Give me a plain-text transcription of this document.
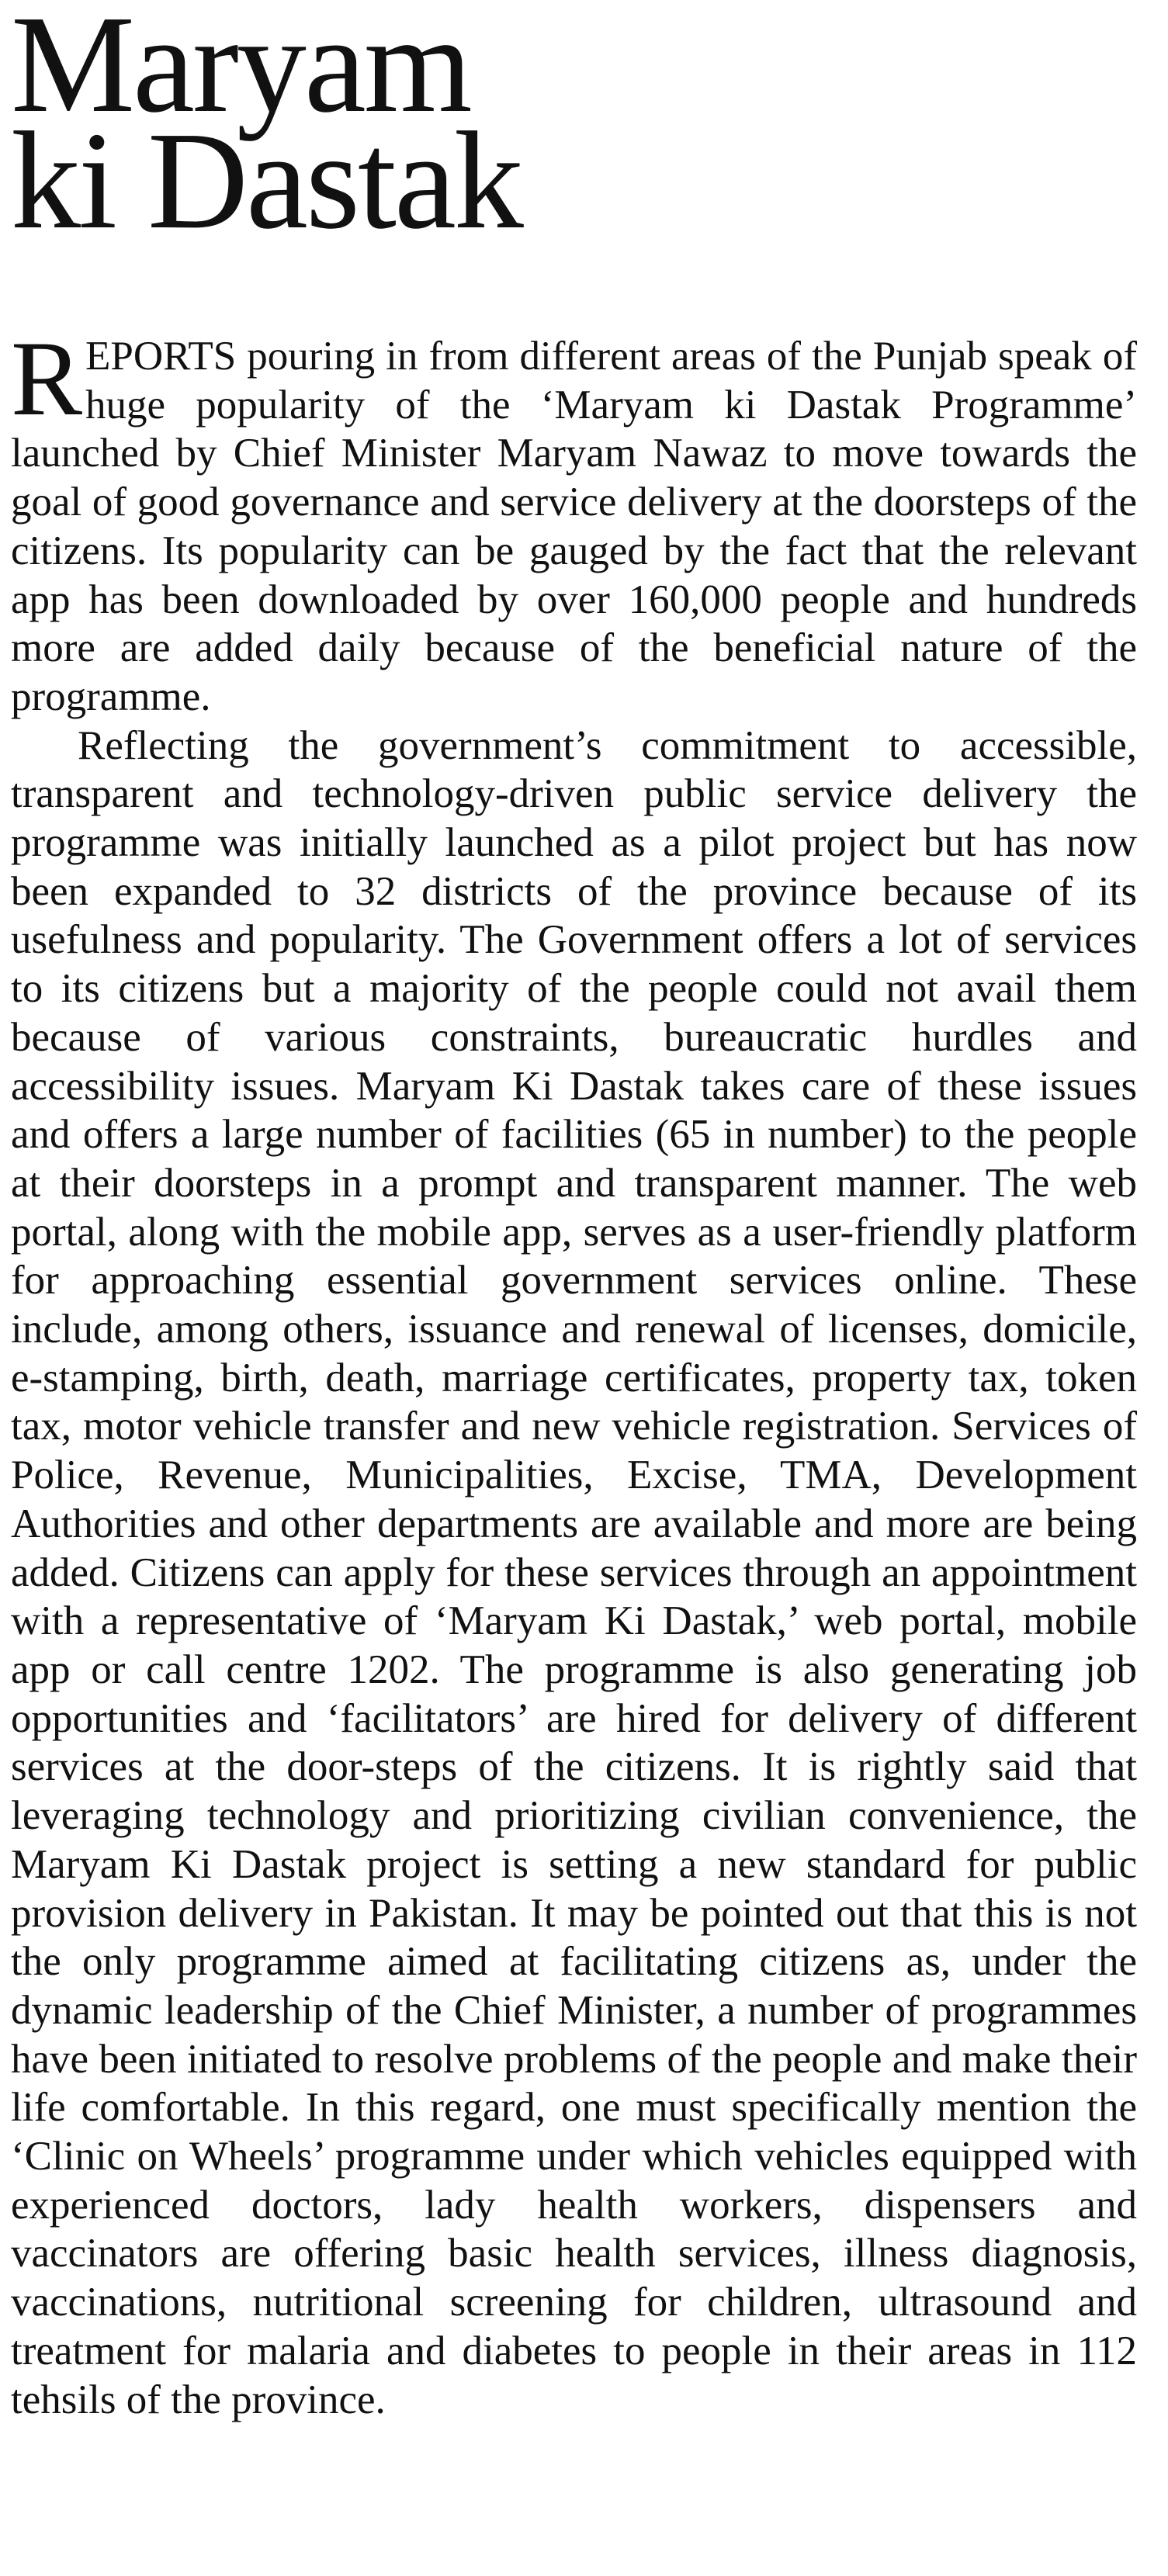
Maryam
ki Dastak

REPORTS pouring in from different areas of the Punjab speak of huge popularity of the ‘Maryam ki Dastak Programme’ launched by Chief Minister Maryam Nawaz to move towards the goal of good governance and service delivery at the doorsteps of the citizens. Its popularity can be gauged by the fact that the relevant app has been downloaded by over 160,000 people and hundreds more are added daily because of the beneficial nature of the programme.

Reflecting the government’s commitment to accessible, transparent and technology-driven public service delivery the programme was initially launched as a pilot project but has now been expanded to 32 districts of the province because of its usefulness and popularity. The Government offers a lot of services to its citizens but a majority of the people could not avail them because of various constraints, bureaucratic hurdles and accessibility issues. Maryam Ki Dastak takes care of these issues and offers a large number of facilities (65 in number) to the people at their doorsteps in a prompt and transparent manner. The web portal, along with the mobile app, serves as a user-friendly platform for approaching essential government services online. These include, among others, issuance and renewal of licenses, domicile, e-stamping, birth, death, marriage certificates, property tax, token tax, motor vehicle transfer and new vehicle registration. Services of Police, Revenue, Municipalities, Excise, TMA, Development Authorities and other departments are available and more are being added. Citizens can apply for these services through an appointment with a representative of ‘Maryam Ki Dastak,’ web portal, mobile app or call centre 1202. The programme is also generating job opportunities and ‘facilitators’ are hired for delivery of different services at the door-steps of the citizens. It is rightly said that leveraging technology and prioritizing civilian convenience, the Maryam Ki Dastak project is setting a new standard for public provision delivery in Pakistan. It may be pointed out that this is not the only programme aimed at facilitating citizens as, under the dynamic leadership of the Chief Minister, a number of programmes have been initiated to resolve problems of the people and make their life comfortable. In this regard, one must specifically mention the ‘Clinic on Wheels’ programme under which vehicles equipped with experienced doctors, lady health workers, dispensers and vaccinators are offering basic health services, illness diagnosis, vaccinations, nutritional screening for children, ultrasound and treatment for malaria and diabetes to people in their areas in 112 tehsils of the province.
